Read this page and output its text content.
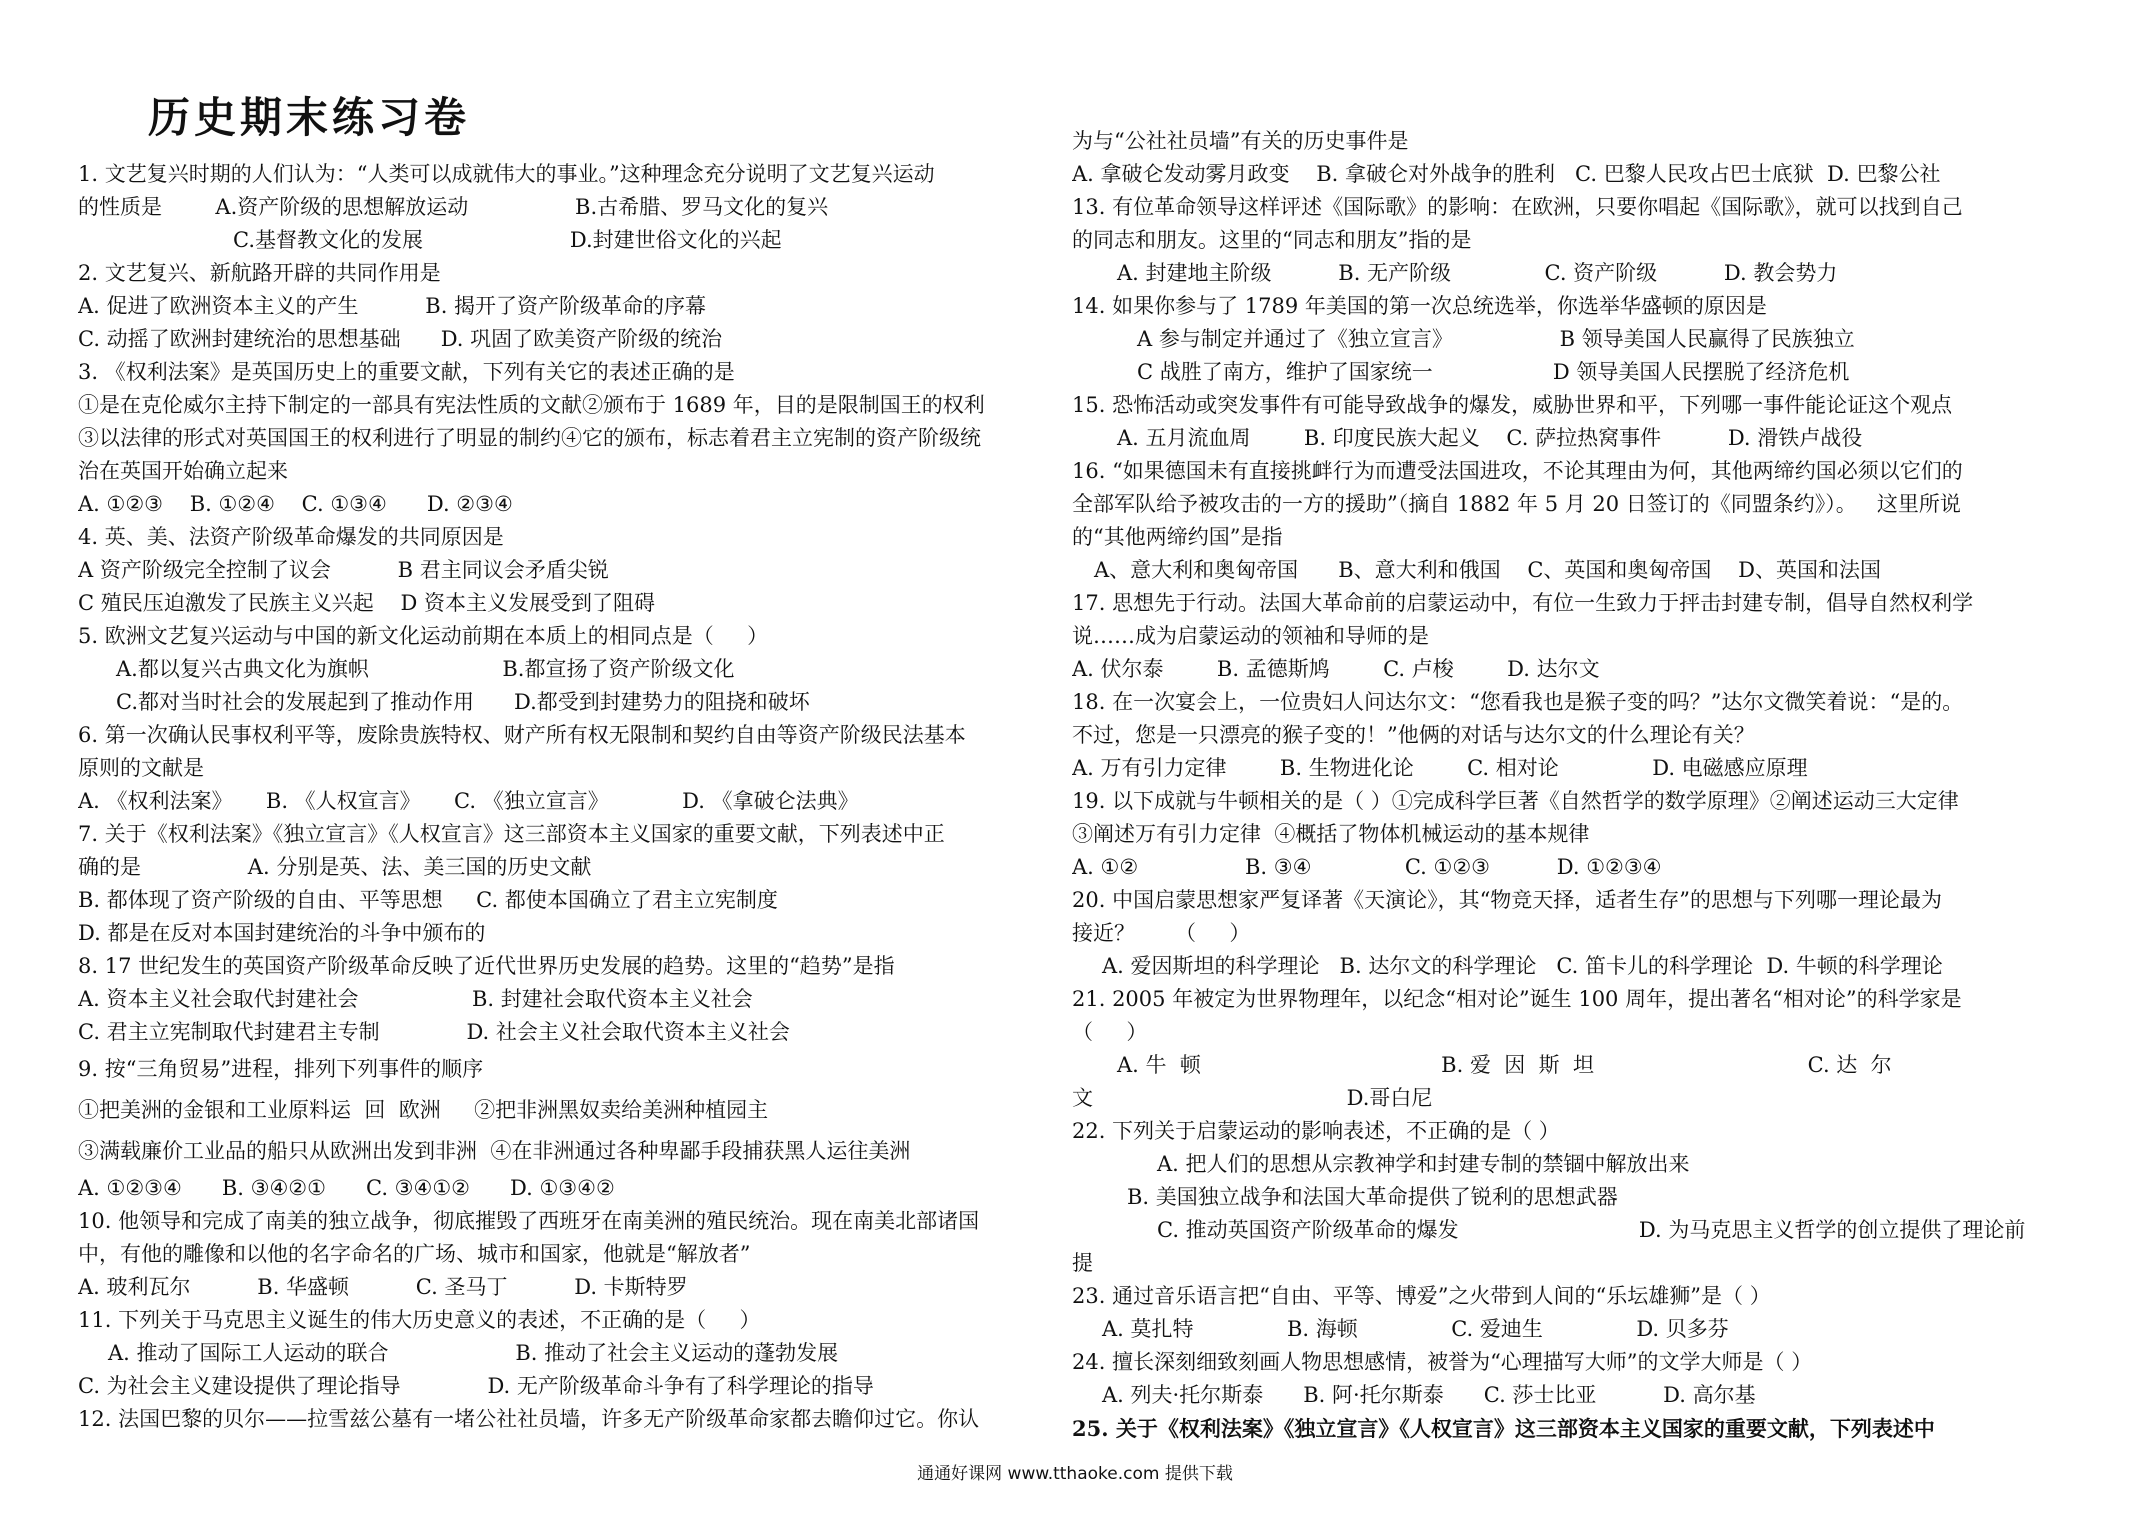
历史期末练习卷
1. 文艺复兴时期的人们认为：“人类可以成就伟大的事业。”这种理念充分说明了文艺复兴运动
的性质是        A.资产阶级的思想解放运动                B.古希腊、罗马文化的复兴
C.基督教文化的发展                      D.封建世俗文化的兴起
2. 文艺复兴、新航路开辟的共同作用是
A. 促进了欧洲资本主义的产生          B. 揭开了资产阶级革命的序幕
C. 动摇了欧洲封建统治的思想基础      D. 巩固了欧美资产阶级的统治
3. 《权利法案》是英国历史上的重要文献，下列有关它的表述正确的是
①是在克伦威尔主持下制定的一部具有宪法性质的文献②颁布于 1689 年，目的是限制国王的权利
③以法律的形式对英国国王的权利进行了明显的制约④它的颁布，标志着君主立宪制的资产阶级统
治在英国开始确立起来
A. ①②③    B. ①②④    C. ①③④      D. ②③④
4. 英、美、法资产阶级革命爆发的共同原因是
A 资产阶级完全控制了议会          B 君主同议会矛盾尖锐
C 殖民压迫激发了民族主义兴起    D 资本主义发展受到了阻碍
5. 欧洲文艺复兴运动与中国的新文化运动前期在本质上的相同点是（     ）
A.都以复兴古典文化为旗帜                    B.都宣扬了资产阶级文化
C.都对当时社会的发展起到了推动作用      D.都受到封建势力的阻挠和破坏
6. 第一次确认民事权利平等，废除贵族特权、财产所有权无限制和契约自由等资产阶级民法基本
原则的文献是
A. 《权利法案》     B. 《人权宣言》     C. 《独立宣言》           D. 《拿破仑法典》
7. 关于《权利法案》《独立宣言》《人权宣言》这三部资本主义国家的重要文献，下列表述中正
确的是                A. 分别是英、法、美三国的历史文献
B. 都体现了资产阶级的自由、平等思想     C. 都使本国确立了君主立宪制度
D. 都是在反对本国封建统治的斗争中颁布的
8. 17 世纪发生的英国资产阶级革命反映了近代世界历史发展的趋势。这里的“趋势”是指
A. 资本主义社会取代封建社会                 B. 封建社会取代资本主义社会
C. 君主立宪制取代封建君主专制             D. 社会主义社会取代资本主义社会
9. 按“三角贸易”进程，排列下列事件的顺序
①把美洲的金银和工业原料运  回  欧洲     ②把非洲黑奴卖给美洲种植园主
③满载廉价工业品的船只从欧洲出发到非洲  ④在非洲通过各种卑鄙手段捕获黑人运往美洲
A. ①②③④      B. ③④②①      C. ③④①②      D. ①③④②
10. 他领导和完成了南美的独立战争，彻底摧毁了西班牙在南美洲的殖民统治。现在南美北部诸国
中，有他的雕像和以他的名字命名的广场、城市和国家，他就是“解放者”
A. 玻利瓦尔          B. 华盛顿          C. 圣马丁          D. 卡斯特罗
11. 下列关于马克思主义诞生的伟大历史意义的表述，不正确的是（     ）
A. 推动了国际工人运动的联合                   B. 推动了社会主义运动的蓬勃发展
C. 为社会主义建设提供了理论指导             D. 无产阶级革命斗争有了科学理论的指导
12. 法国巴黎的贝尔——拉雪兹公墓有一堵公社社员墙，许多无产阶级革命家都去瞻仰过它。你认
为与“公社社员墙”有关的历史事件是
A. 拿破仑发动雾月政变    B. 拿破仑对外战争的胜利   C. 巴黎人民攻占巴士底狱  D. 巴黎公社
13. 有位革命领导这样评述《国际歌》的影响：在欧洲，只要你唱起《国际歌》，就可以找到自己
的同志和朋友。这里的“同志和朋友”指的是
A. 封建地主阶级          B. 无产阶级              C. 资产阶级          D. 教会势力
14. 如果你参与了 1789 年美国的第一次总统选举，你选举华盛顿的原因是
A 参与制定并通过了《独立宣言》                B 领导美国人民赢得了民族独立
C 战胜了南方，维护了国家统一                  D 领导美国人民摆脱了经济危机
15. 恐怖活动或突发事件有可能导致战争的爆发，威胁世界和平，下列哪一事件能论证这个观点
A. 五月流血周        B. 印度民族大起义    C. 萨拉热窝事件          D. 滑铁卢战役
16. “如果德国未有直接挑衅行为而遭受法国进攻，不论其理由为何，其他两缔约国必须以它们的
全部军队给予被攻击的一方的援助”（摘自 1882 年 5 月 20 日签订的《同盟条约》）。   这里所说
的“其他两缔约国”是指
A、意大利和奥匈帝国      B、意大利和俄国    C、英国和奥匈帝国    D、英国和法国
17. 思想先于行动。法国大革命前的启蒙运动中，有位一生致力于抨击封建专制，倡导自然权利学
说……成为启蒙运动的领袖和导师的是
A. 伏尔泰        B. 孟德斯鸠        C. 卢梭        D. 达尔文
18. 在一次宴会上，一位贵妇人问达尔文：“您看我也是猴子变的吗？”达尔文微笑着说：“是的。
不过，您是一只漂亮的猴子变的！”他俩的对话与达尔文的什么理论有关？
A. 万有引力定律        B. 生物进化论        C. 相对论              D. 电磁感应原理
19. 以下成就与牛顿相关的是（ ）①完成科学巨著《自然哲学的数学原理》②阐述运动三大定律
③阐述万有引力定律  ④概括了物体机械运动的基本规律
A. ①②                B. ③④              C. ①②③          D. ①②③④
20. 中国启蒙思想家严复译著《天演论》，其“物竞天择，适者生存”的思想与下列哪一理论最为
接近？      （     ）
A. 爱因斯坦的科学理论   B. 达尔文的科学理论   C. 笛卡儿的科学理论  D. 牛顿的科学理论
21. 2005 年被定为世界物理年，以纪念“相对论”诞生 100 周年，提出著名“相对论”的科学家是
（     ）
A. 牛  顿                                    B. 爱  因  斯  坦                                C. 达  尔
文                                      D.哥白尼
22. 下列关于启蒙运动的影响表述，不正确的是（ ）
A. 把人们的思想从宗教神学和封建专制的禁锢中解放出来
B. 美国独立战争和法国大革命提供了锐利的思想武器
C. 推动英国资产阶级革命的爆发                           D. 为马克思主义哲学的创立提供了理论前
提
23. 通过音乐语言把“自由、平等、博爱”之火带到人间的“乐坛雄狮”是（ ）
A. 莫扎特              B. 海顿              C. 爱迪生              D. 贝多芬
24. 擅长深刻细致刻画人物思想感情，被誉为“心理描写大师”的文学大师是（ ）
A. 列夫·托尔斯泰      B. 阿·托尔斯泰      C. 莎士比亚          D. 高尔基
25. 关于《权利法案》《独立宣言》《人权宣言》这三部资本主义国家的重要文献，下列表述中
通通好课网 www.tthaoke.com 提供下载
